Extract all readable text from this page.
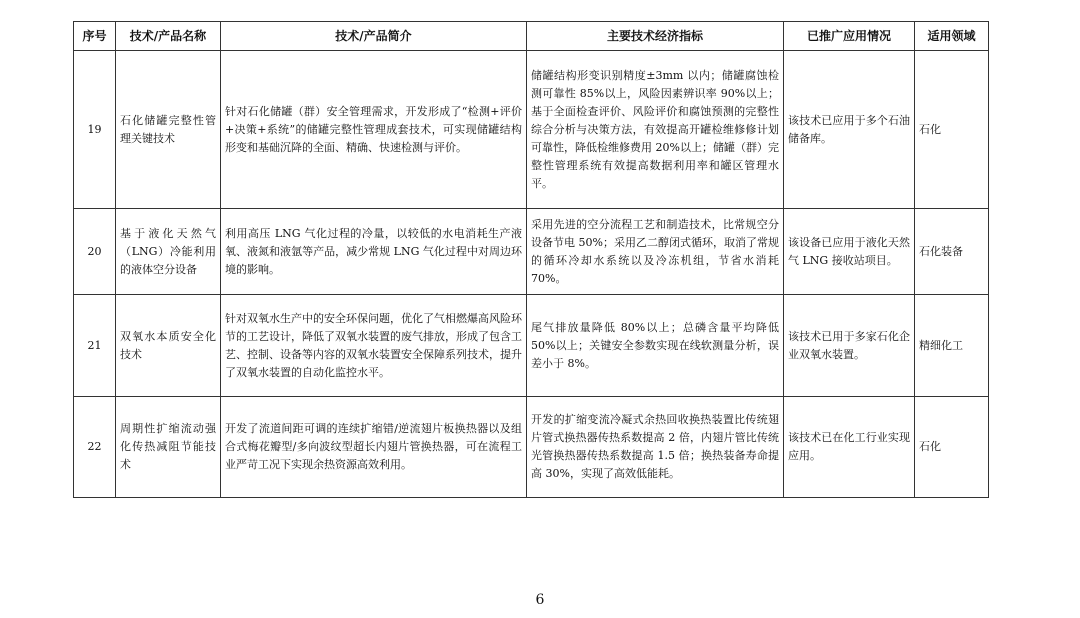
序号	技术/产品名称	技术/产品简介	主要技术经济指标	已推广应用情况	适用领域
19	石化储罐完整性管理关键技术	针对石化储罐（群）安全管理需求，开发形成了“检测+评价+决策+系统”的储罐完整性管理成套技术，可实现储罐结构形变和基础沉降的全面、精确、快速检测与评价。	储罐结构形变识别精度±3mm 以内；储罐腐蚀检测可靠性 85%以上，风险因素辨识率 90%以上；基于全面检查评价、风险评价和腐蚀预测的完整性综合分析与决策方法，有效提高开罐检维修修计划可靠性，降低检维修费用 20%以上；储罐（群）完整性管理系统有效提高数据利用率和罐区管理水平。	该技术已应用于多个石油储备库。	石化
20	基于液化天然气（LNG）冷能利用的液体空分设备	利用高压 LNG 气化过程的冷量，以较低的水电消耗生产液氧、液氮和液氩等产品，减少常规 LNG 气化过程中对周边环境的影响。	采用先进的空分流程工艺和制造技术，比常规空分设备节电 50%；采用乙二醇闭式循环，取消了常规的循环冷却水系统以及冷冻机组，节省水消耗 70%。	该设备已应用于液化天然气 LNG 接收站项目。	石化装备
21	双氧水本质安全化技术	针对双氧水生产中的安全环保问题，优化了气相燃爆高风险环节的工艺设计，降低了双氧水装置的废气排放，形成了包含工艺、控制、设备等内容的双氧水装置安全保障系列技术，提升了双氧水装置的自动化监控水平。	尾气排放量降低 80%以上；总磷含量平均降低 50%以上；关键安全参数实现在线软测量分析，误差小于 8%。	该技术已用于多家石化企业双氧水装置。	精细化工
22	周期性扩缩流动强化传热减阻节能技术	开发了流道间距可调的连续扩缩错/逆流翅片板换热器以及组合式梅花瓣型/多向波纹型超长内翅片管换热器，可在流程工业严苛工况下实现余热资源高效利用。	开发的扩缩变流冷凝式余热回收换热装置比传统翅片管式换热器传热系数提高 2 倍，内翅片管比传统光管换热器传热系数提高 1.5 倍；换热装备寿命提高 30%，实现了高效低能耗。	该技术已在化工行业实现应用。	石化
6
